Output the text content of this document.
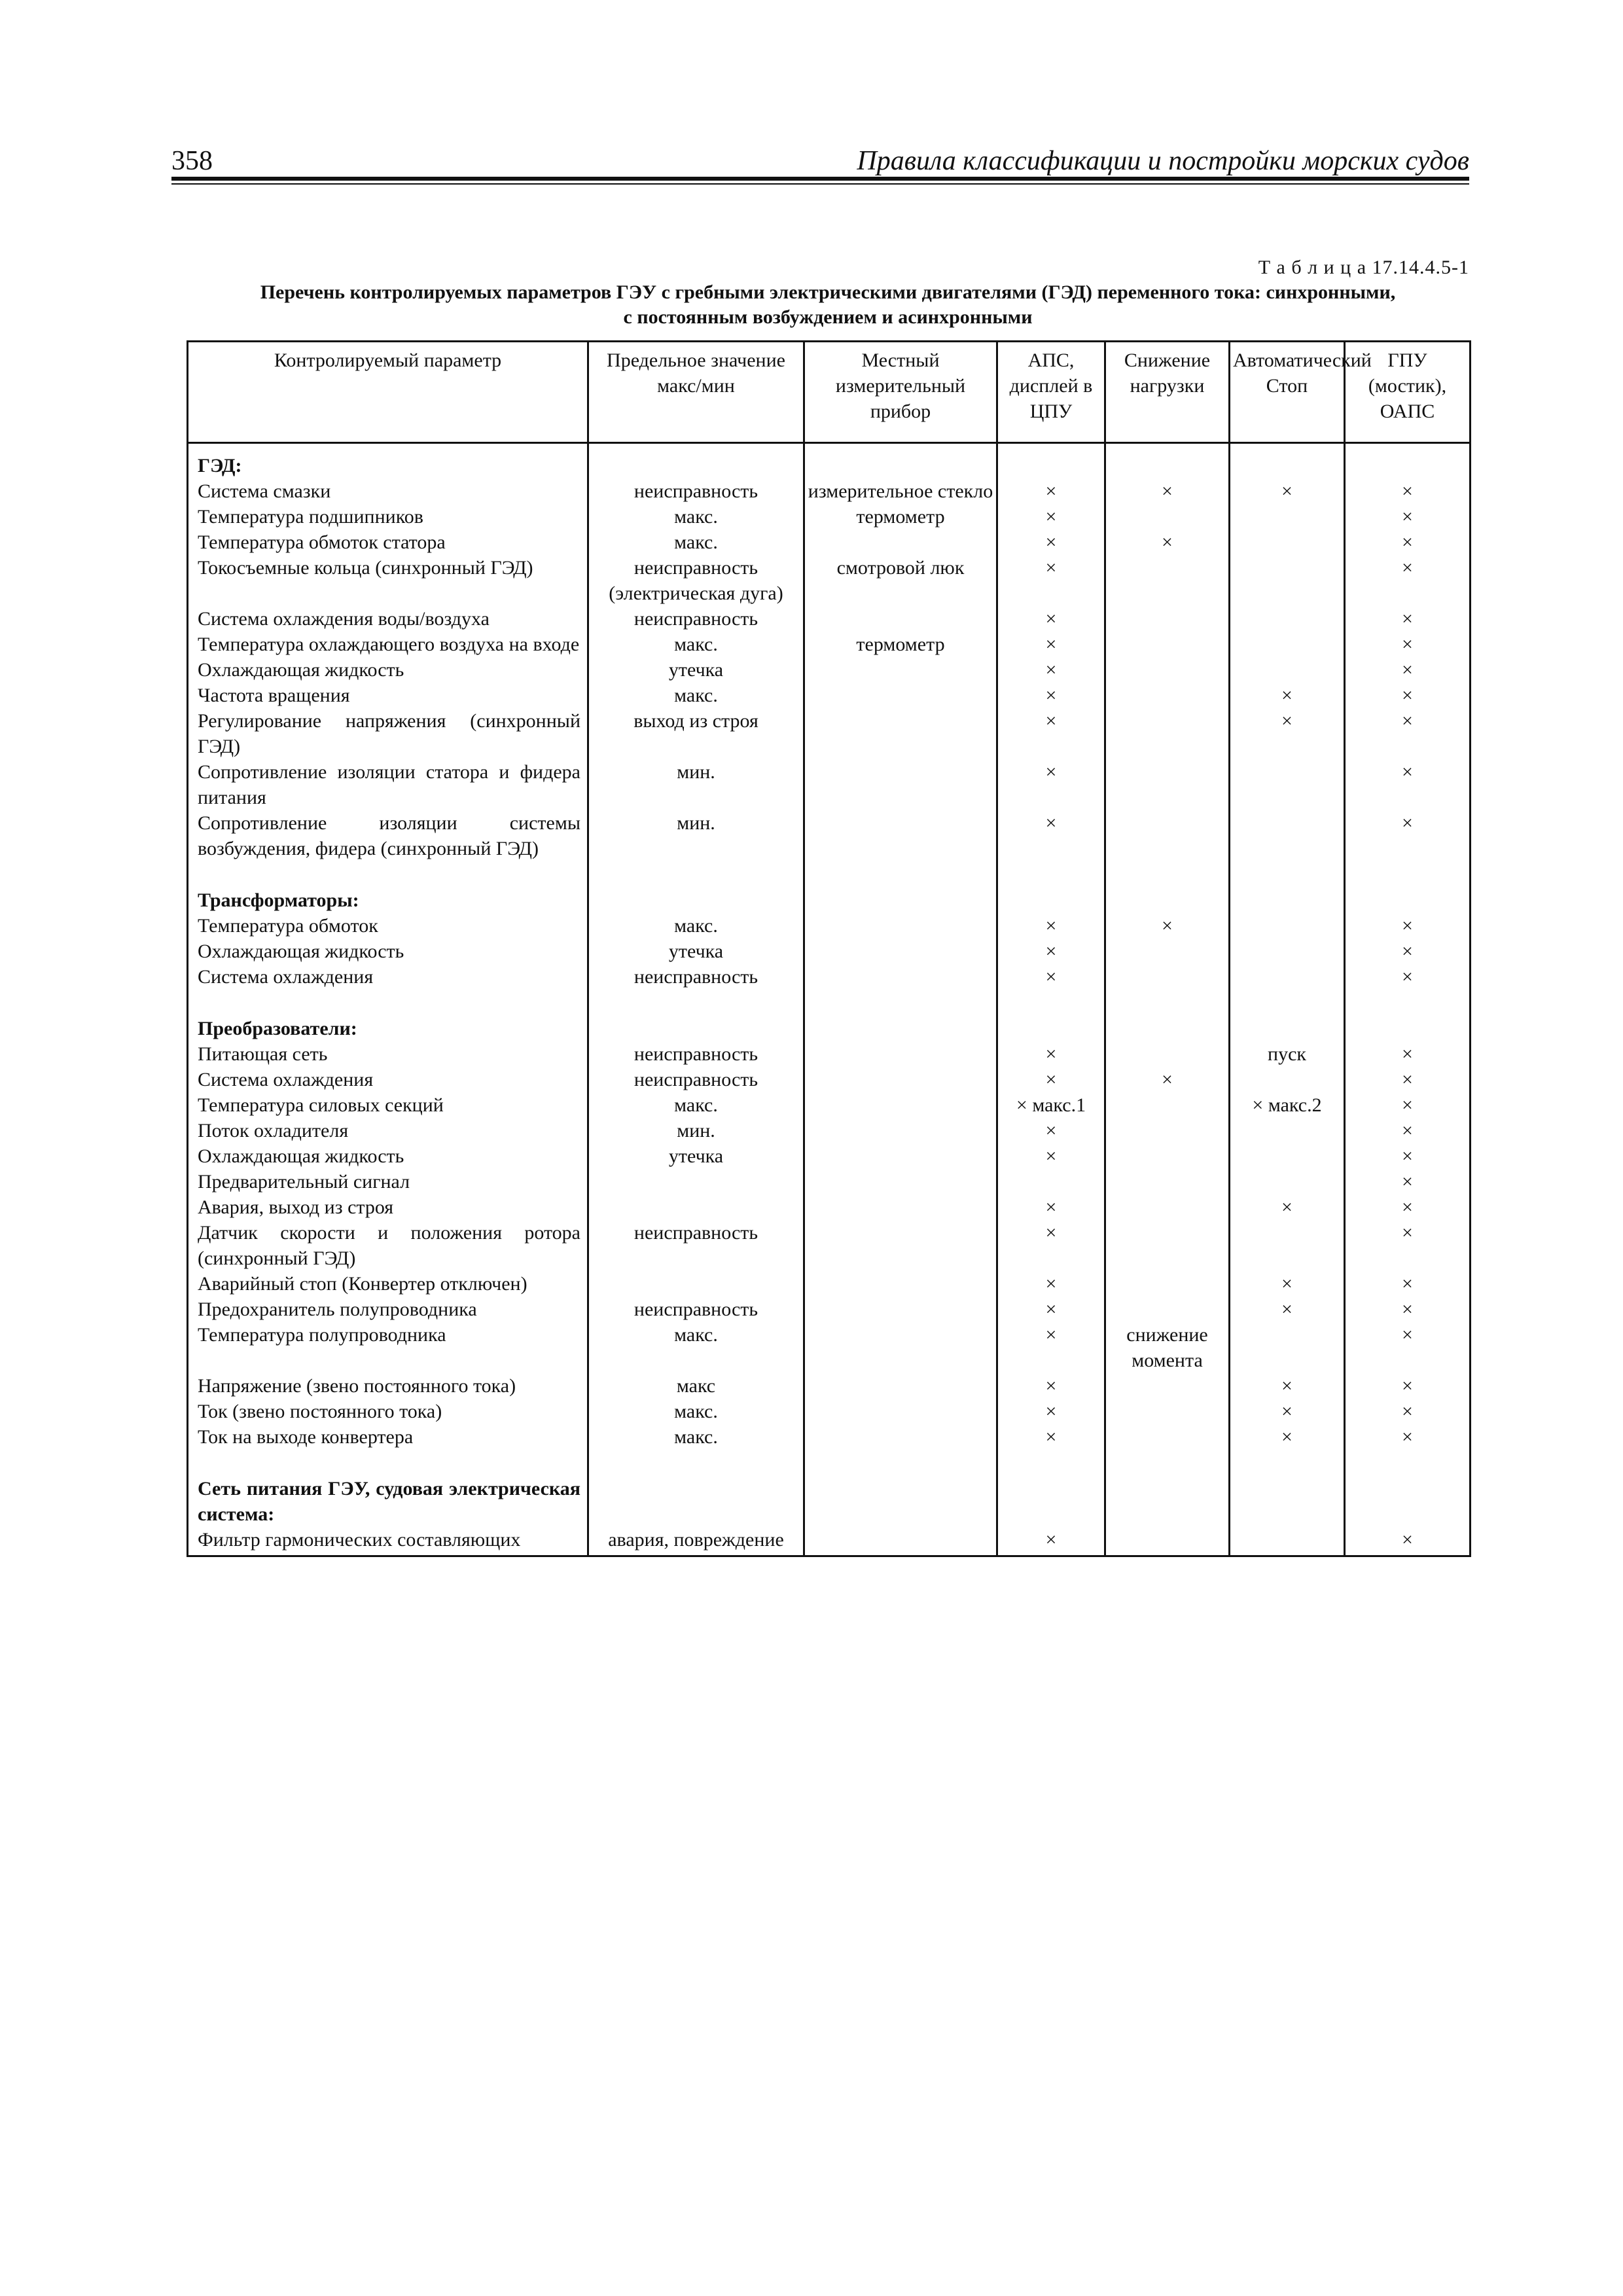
358	Правила классификации и постройки морских судов
Т а б л и ц а 17.14.4.5-1
Перечень контролируемых параметров ГЭУ с гребными электрическими двигателями (ГЭД) переменного тока: синхронными,
с постоянным возбуждением и асинхронными
Контролируемый параметр	Предельное значение макс/мин	Местный измерительный прибор	АПС, дисплей в ЦПУ	Снижение нагрузки	Автоматический Стоп	ГПУ (мостик), ОАПС
ГЭД:						
Система смазки	неисправность	измерительное стекло	×	×	×	×
Температура подшипников	макс.	термометр	×			×
Температура обмоток статора	макс.		×	×		×
Токосъемные кольца (синхронный ГЭД)	неисправность (электрическая дуга)	смотровой люк	×			×
Система охлаждения воды/воздуха	неисправность		×			×
Температура охлаждающего воздуха на входе	макс.	термометр	×			×
Охлаждающая жидкость	утечка		×			×
Частота вращения	макс.		×		×	×
Регулирование напряжения (синхронный ГЭД)	выход из строя		×		×	×
Сопротивление изоляции статора и фидера питания	мин.		×			×
Сопротивление изоляции системы возбуждения, фидера (синхронный ГЭД)	мин.		×			×

Трансформаторы:						
Температура обмоток	макс.		×	×		×
Охлаждающая жидкость	утечка		×			×
Система охлаждения	неисправность		×			×

Преобразователи:						
Питающая сеть	неисправность		×		пуск	×
Система охлаждения	неисправность		×	×		×
Температура силовых секций	макс.		× макс.1		× макс.2	×
Поток охладителя	мин.		×			×
Охлаждающая жидкость	утечка		×			×
Предварительный сигнал						×
Авария, выход из строя			×		×	×
Датчик скорости и положения ротора (синхронный ГЭД)	неисправность		×			×
Аварийный стоп (Конвертер отключен)			×		×	×
Предохранитель полупроводника	неисправность		×		×	×
Температура полупроводника	макс.		×	снижение момента		×
Напряжение (звено постоянного тока)	макс		×		×	×
Ток (звено постоянного тока)	макс.		×		×	×
Ток на выходе конвертера	макс.		×		×	×

Сеть питания ГЭУ, судовая электрическая система:						
Фильтр гармонических составляющих	авария, повреждение		×			×
